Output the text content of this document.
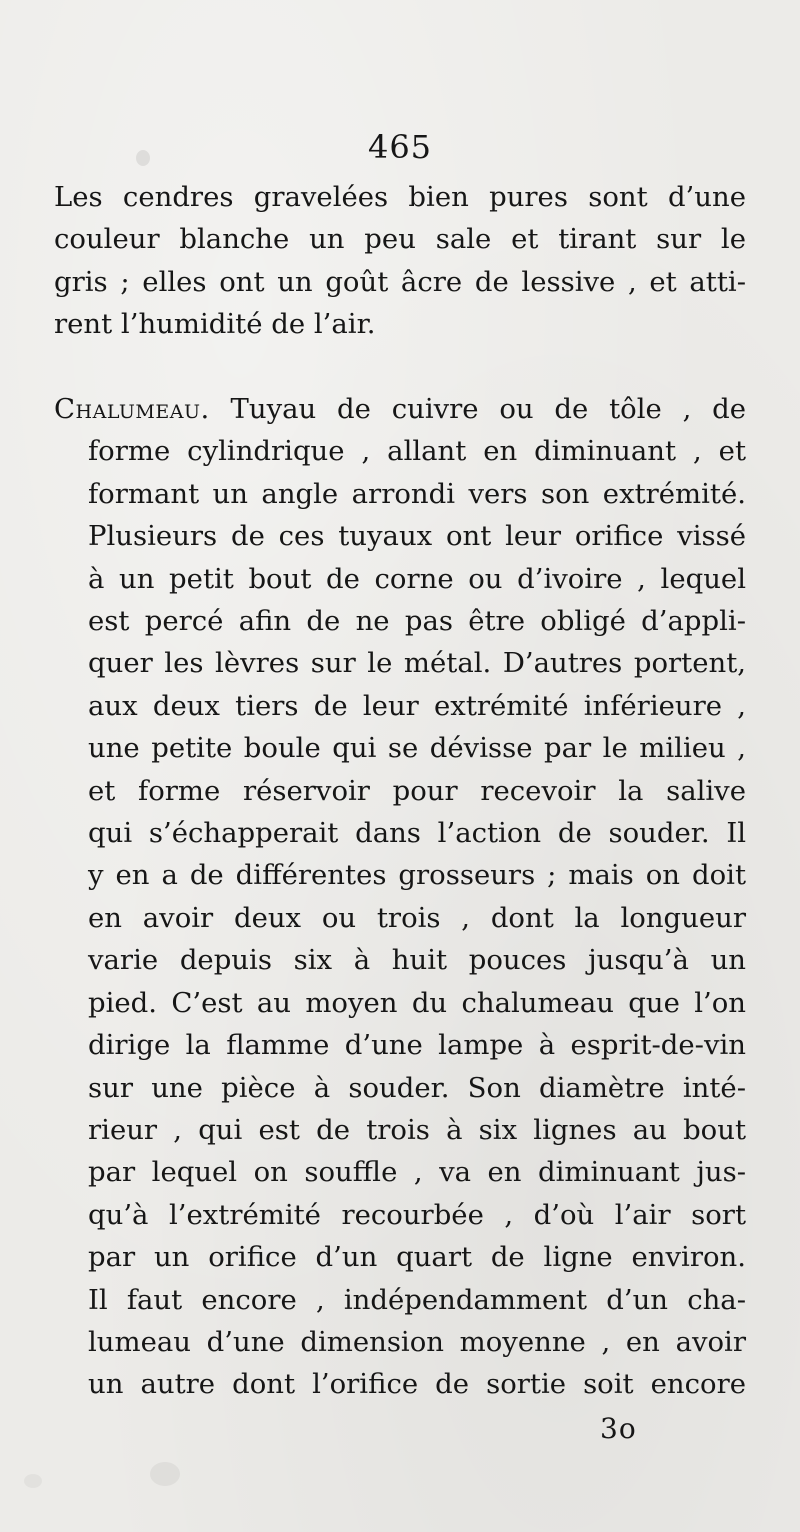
465
Les cendres gravelées bien pures sont d’une
couleur blanche un peu sale et tirant sur le
gris ; elles ont un goût âcre de lessive , et atti-
rent l’humidité de l’air.
Chalumeau. Tuyau de cuivre ou de tôle , de
forme cylindrique , allant en diminuant , et
formant un angle arrondi vers son extrémité.
Plusieurs de ces tuyaux ont leur orifice vissé
à un petit bout de corne ou d’ivoire , lequel
est percé afin de ne pas être obligé d’appli-
quer les lèvres sur le métal. D’autres portent,
aux deux tiers de leur extrémité inférieure ,
une petite boule qui se dévisse par le milieu ,
et forme réservoir pour recevoir la salive
qui s’échapperait dans l’action de souder. Il
y en a de différentes grosseurs ; mais on doit
en avoir deux ou trois , dont la longueur
varie depuis six à huit pouces jusqu’à un
pied. C’est au moyen du chalumeau que l’on
dirige la flamme d’une lampe à esprit-de-vin
sur une pièce à souder. Son diamètre inté-
rieur , qui est de trois à six lignes au bout
par lequel on souffle , va en diminuant jus-
qu’à l’extrémité recourbée , d’où l’air sort
par un orifice d’un quart de ligne environ.
Il faut encore , indépendamment d’un cha-
lumeau d’une dimension moyenne , en avoir
un autre dont l’orifice de sortie soit encore
3o
